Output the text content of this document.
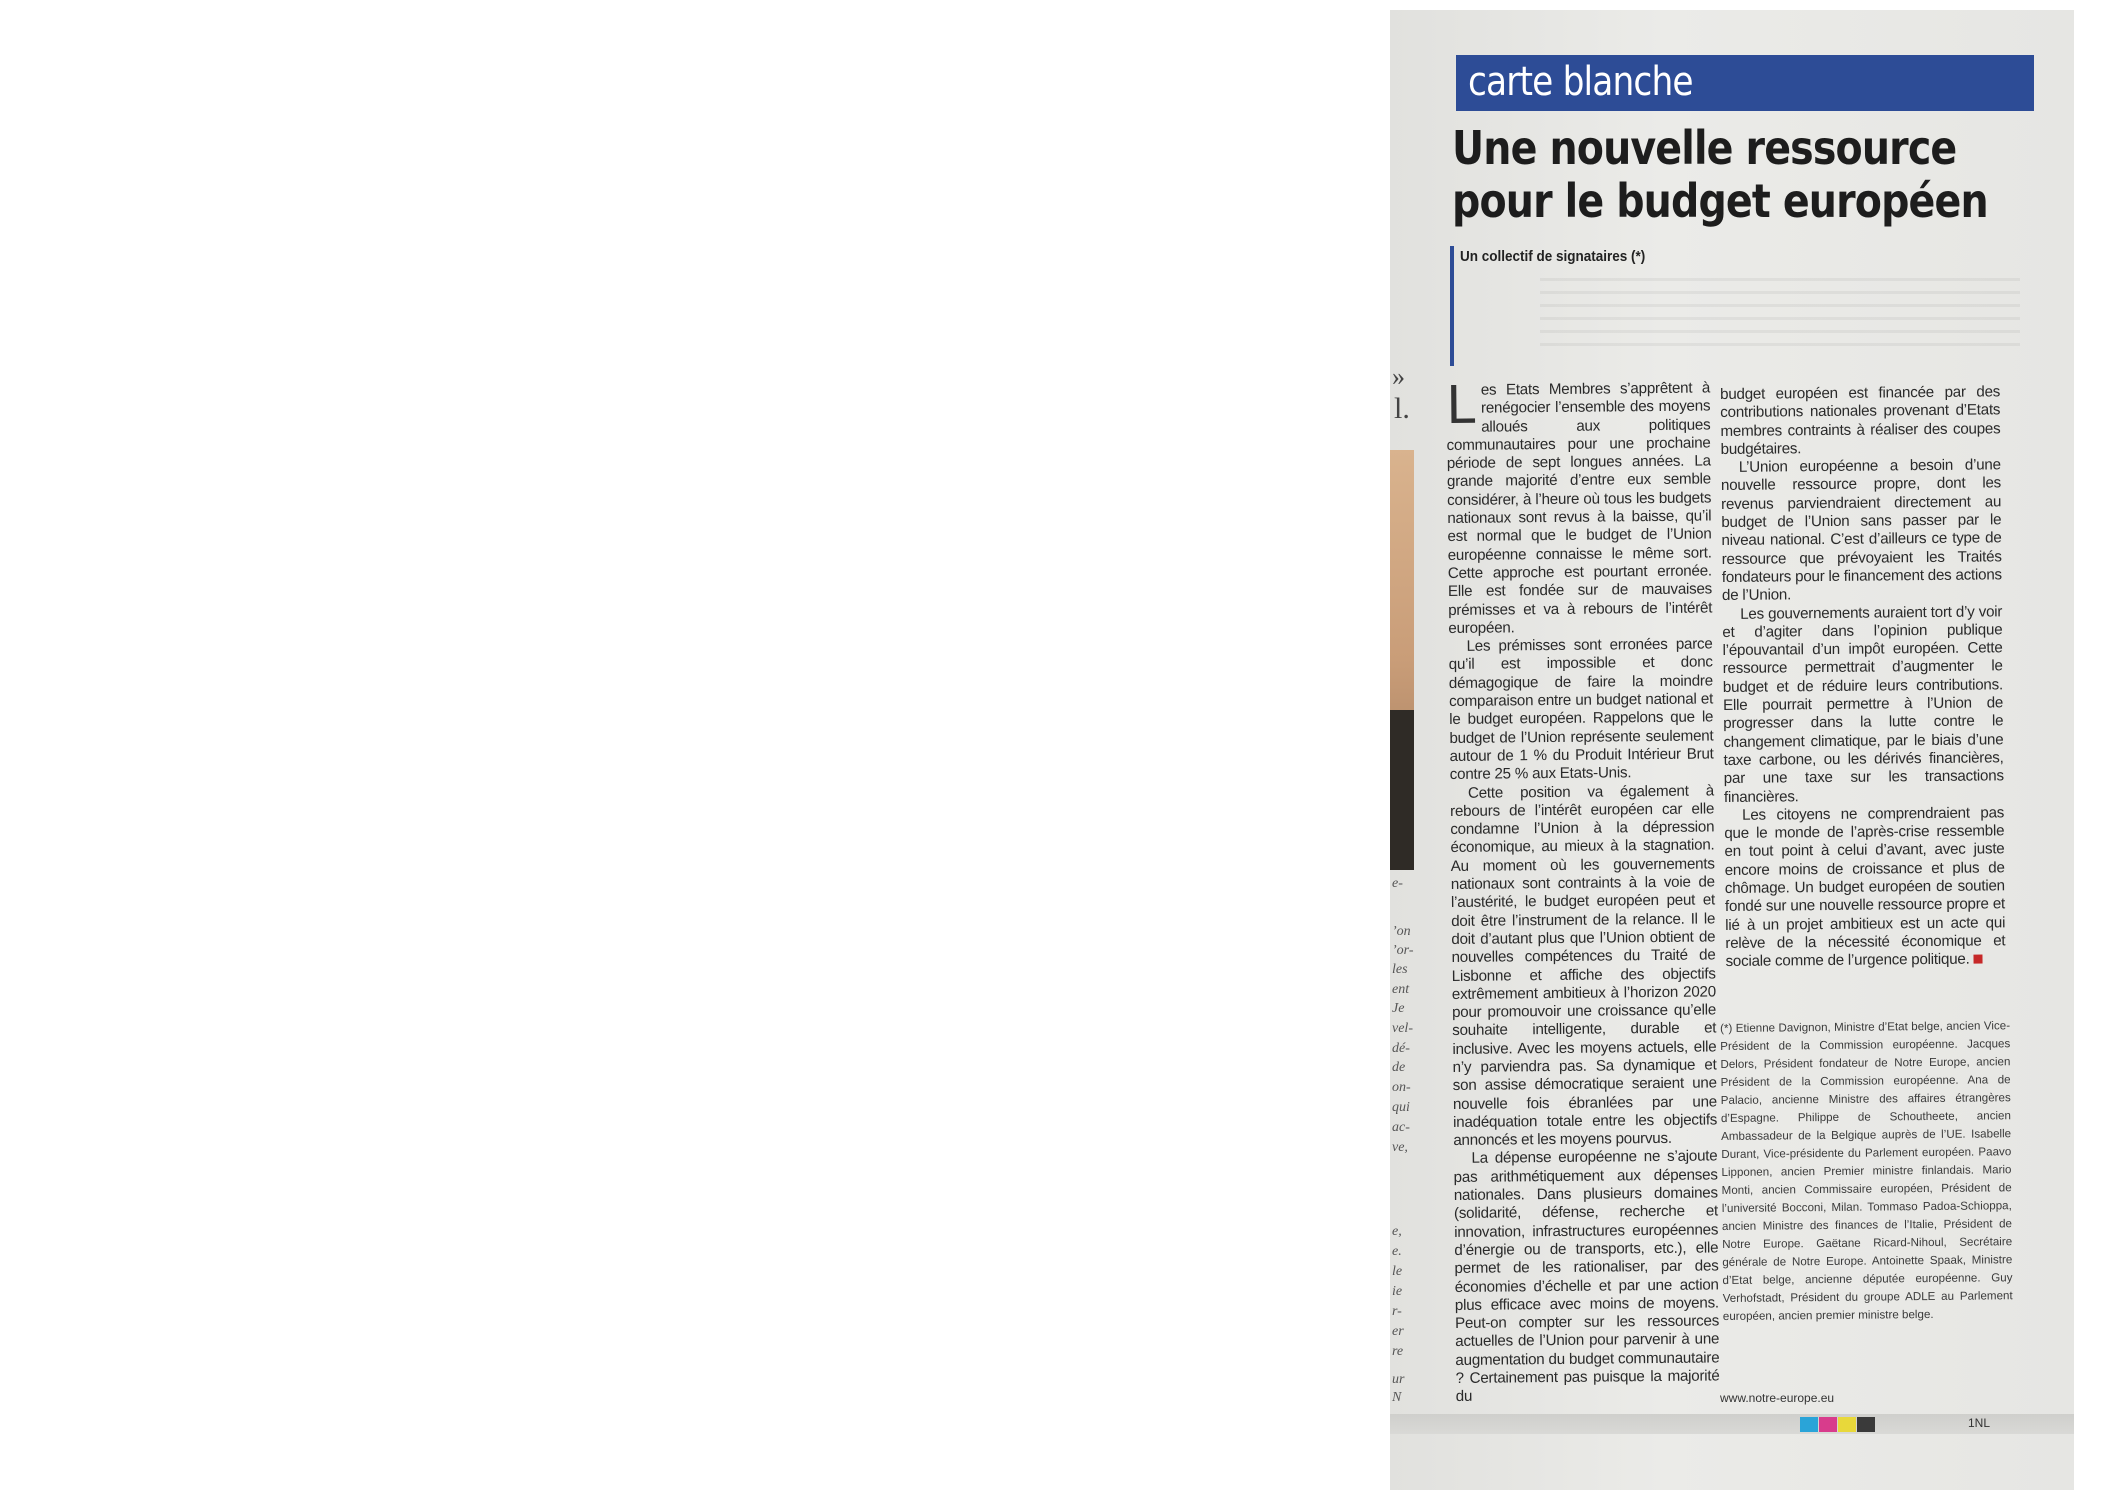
»
l.
e-
’on
’or-
les
ent
Je
vel-
dé-
de
on-
qui
ac-
ve,
e,
e.
le
ie
r-
er
re
ur
N
carte blanche
Une nouvelle ressource
pour le budget européen
Un collectif de signataires (*)

Les Etats Membres s’apprêtent à renégocier l’ensemble des moyens alloués aux politiques communautaires pour une prochaine période de sept longues années. La grande majorité d’entre eux semble considérer, à l’heure où tous les budgets nationaux sont revus à la baisse, qu’il est normal que le budget de l’Union européenne connaisse le même sort. Cette approche est pourtant erronée. Elle est fondée sur de mauvaises prémisses et va à rebours de l’intérêt européen.

Les prémisses sont erronées parce qu’il est impossible et donc démagogique de faire la moindre comparaison entre un budget national et le budget européen. Rappelons que le budget de l’Union représente seulement autour de 1 % du Produit Intérieur Brut contre 25 % aux Etats-Unis.

Cette position va également à rebours de l’intérêt européen car elle condamne l’Union à la dépression économique, au mieux à la stagnation. Au moment où les gouvernements nationaux sont contraints à la voie de l’austérité, le budget européen peut et doit être l’instrument de la relance. Il le doit d’autant plus que l’Union obtient de nouvelles compétences du Traité de Lisbonne et affiche des objectifs extrêmement ambitieux à l’horizon 2020 pour promouvoir une croissance qu’elle souhaite intelligente, durable et inclusive. Avec les moyens actuels, elle n’y parviendra pas. Sa dynamique et son assise démocratique seraient une nouvelle fois ébranlées par une inadéquation totale entre les objectifs annoncés et les moyens pourvus.

La dépense européenne ne s’ajoute pas arithmétiquement aux dépenses nationales. Dans plusieurs domaines (solidarité, défense, recherche et innovation, infrastructures européennes d’énergie ou de transports, etc.), elle permet de les rationaliser, par des économies d’échelle et par une action plus efficace avec moins de moyens. Peut-on compter sur les ressources actuelles de l’Union pour parvenir à une augmentation du budget communautaire ? Certainement pas puisque la majorité du

budget européen est financée par des contributions nationales provenant d’Etats membres contraints à réaliser des coupes budgétaires.

L’Union européenne a besoin d’une nouvelle ressource propre, dont les revenus parviendraient directement au budget de l’Union sans passer par le niveau national. C’est d’ailleurs ce type de ressource que prévoyaient les Traités fondateurs pour le financement des actions de l’Union.

Les gouvernements auraient tort d’y voir et d’agiter dans l’opinion publique l’épouvantail d’un impôt européen. Cette ressource permettrait d’augmenter le budget et de réduire leurs contributions. Elle pourrait permettre à l’Union de progresser dans la lutte contre le changement climatique, par le biais d’une taxe carbone, ou les dérivés financières, par une taxe sur les transactions financières.

Les citoyens ne comprendraient pas que le monde de l’après-crise ressemble en tout point à celui d’avant, avec juste encore moins de croissance et plus de chômage. Un budget européen de soutien fondé sur une nouvelle ressource propre et lié à un projet ambitieux est un acte qui relève de la nécessité économique et sociale comme de l’urgence politique.

(*) Etienne Davignon, Ministre d’Etat belge, ancien Vice-Président de la Commission européenne. Jacques Delors, Président fondateur de Notre Europe, ancien Président de la Commission européenne. Ana de Palacio, ancienne Ministre des affaires étrangères d’Espagne. Philippe de Schoutheete, ancien Ambassadeur de la Belgique auprès de l’UE. Isabelle Durant, Vice-présidente du Parlement européen. Paavo Lipponen, ancien Premier ministre finlandais. Mario Monti, ancien Commissaire européen, Président de l’université Bocconi, Milan. Tommaso Padoa-Schioppa, ancien Ministre des finances de l’Italie, Président de Notre Europe. Gaëtane Ricard-Nihoul, Secrétaire générale de Notre Europe. Antoinette Spaak, Ministre d’Etat belge, ancienne députée européenne. Guy Verhofstadt, Président du groupe ADLE au Parlement européen, ancien premier ministre belge.
www.notre-europe.eu
1NL
